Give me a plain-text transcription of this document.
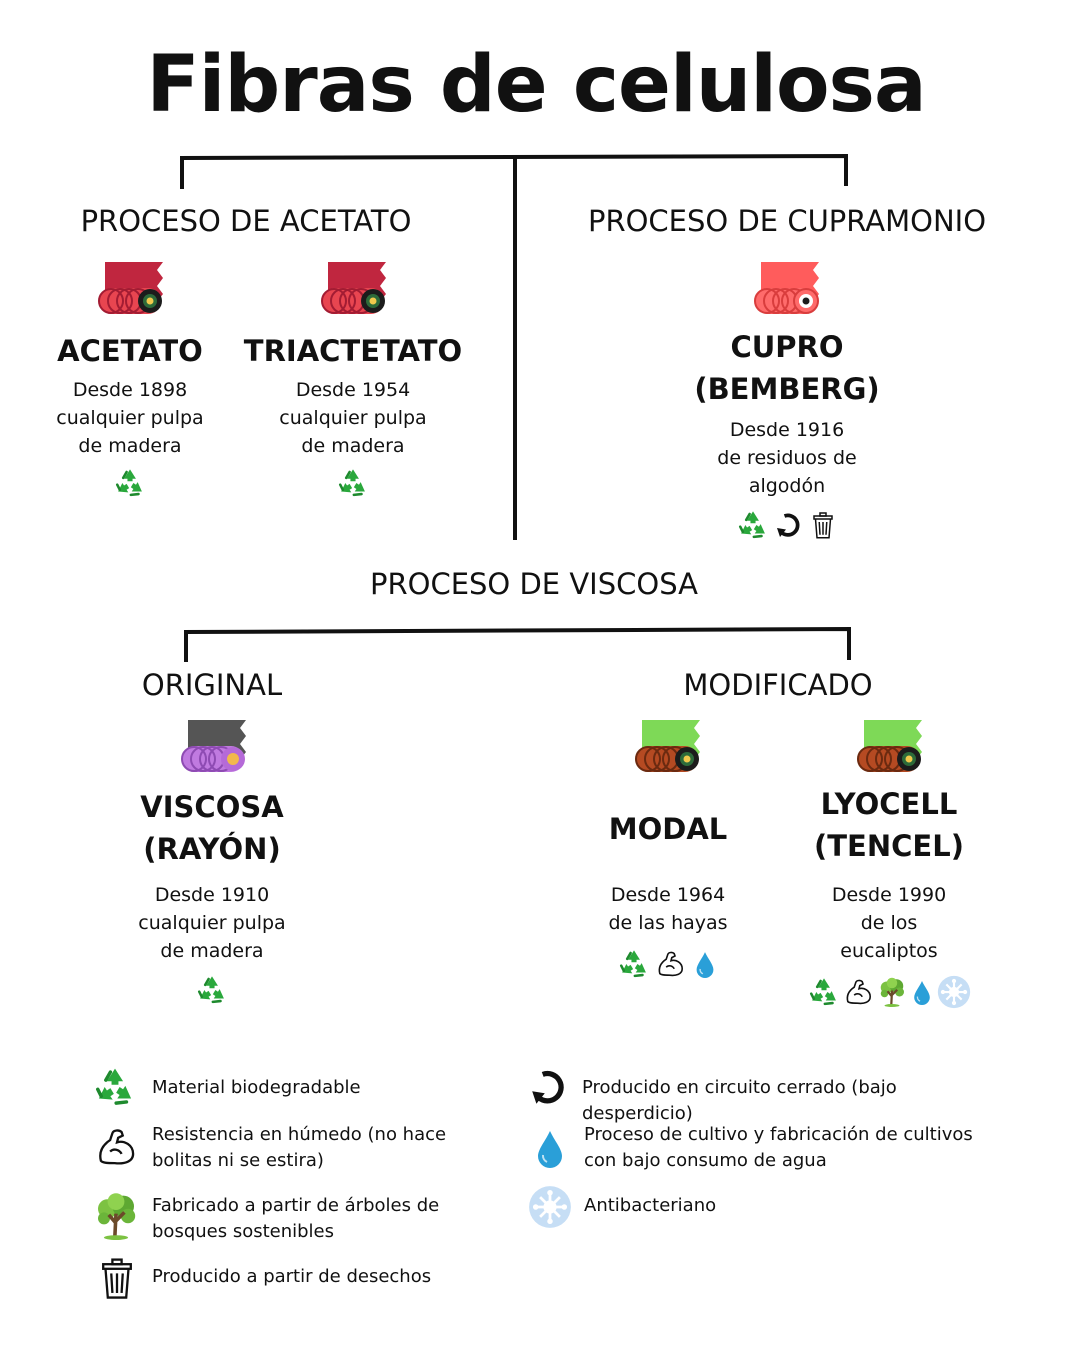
Fibras de celulosa
PROCESO DE ACETATO	PROCESO DE CUPRAMONIO
ACETATO
Desde 1898
cualquier pulpa
de madera
TRIACTETATO
Desde 1954
cualquier pulpa
de madera
CUPRO
(BEMBERG)
Desde 1916
de residuos de
algodón
PROCESO DE VISCOSA
ORIGINAL	MODIFICADO
VISCOSA
(RAYÓN)
Desde 1910
cualquier pulpa
de madera
MODAL
Desde 1964
de las hayas
LYOCELL
(TENCEL)
Desde 1990
de los
eucaliptos
Material biodegradable
Resistencia en húmedo (no hace bolitas ni se estira)
Fabricado a partir de árboles de bosques sostenibles
Producido a partir de desechos
Producido en circuito cerrado (bajo desperdicio)
Proceso de cultivo y fabricación de cultivos con bajo consumo de agua
Antibacteriano
